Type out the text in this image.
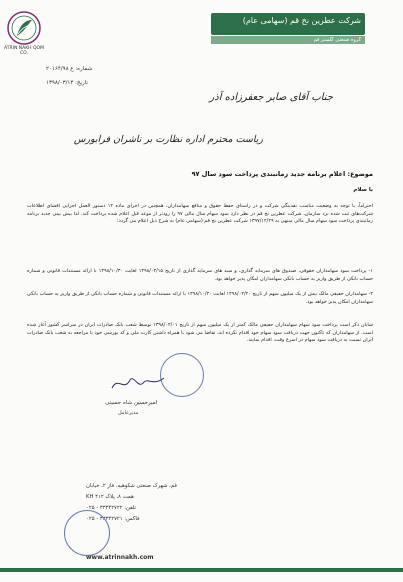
شرکت عطرین نخ قم (سهامی عام)
گروه صنعتی گلستر قم
ATRIN NAKH QOM CO.
شماره: ع ۲۰۱۶۴/۹۸
تاریخ: ۱۳۹۸/۰۳/۱۳
جناب آقای صابر جعفرزاده آذر
ریاست محترم اداره نظارت بر ناشران فرابورس
موضوع: اعلام برنامه جدید زمانبندی پرداخت سود سال ۹۷
با سلام
احتراماً، با توجه به وضعیت مناسب نقدینگی شرکت و در راستای حفظ حقوق و منافع سهامداران، همچنین در اجرای ماده ۱۲ دستور العمل اجرایی افشای اطلاعات شرکت‌های ثبت شده نزد سازمان، شرکت عطرین نخ قم در نظر دارد سود سهام سال مالی ۹۷ را زودتر از موعد قبل اعلام شده پرداخت کند. لذا بیش بینی جدید برنامه زمانبندی پرداخت سود سهام سال مالی منتهی به ۱۳۹۷/۱۲/۲۹ شرکت عطرین نخ قم (سهامی عام) به شرح ذیل اعلام می گردد:
۱- پرداخت سود سهامداران حقوقی، صندوق های سرمایه گذاری، و سبد های سرمایه گذاری از تاریخ ۱۳۹۸/۰۴/۱۵ لغایت ۱۳۹۸/۱۰/۳۰ با ارائه مستندات قانونی و شماره حساب بانکی از طریق واریز به حساب بانکی سهامداران امکان پذیر خواهد بود.
۲- سهامداران حقیقی مالک بیش از یک میلیون سهم از تاریخ ۱۳۹۸/۰۴/۲۰ لغایت ۱۳۹۸/۱۰/۳۰ با ارائه مستندات قانونی و شماره حساب بانکی از طریق واریز به حساب بانکی سهامداران امکان پذیر خواهد بود.
شایان ذکر است پرداخت سود سهام سهامداران حقیقی مالک کمتر از یک میلیون سهم از تاریخ ۱۳۹۸/۰۴/۰۱ توسط شعب بانک صادرات ایران در سراسر کشور آغاز شده است. از سهامداران که تاکنون جهت دریافت سود سهام خود اقدام نکرده اند، تقاضا می شود با همراه داشتن کارت ملی و کد بورسی خود با مراجعه به شعب بانک صادرات ایران نسبت به دریافت سود سهام در اسرع وقت، اقدام نمایند.
امیرحسین شاه حسینی
مدیرعامل
قم، شهرک صنعتی شکوهیه، فاز ۲، خیابان
همت ۸، پلاک ۴۱۲ KH
تلفن: ۳۳۳۴۲۷۲۲ - ۰۲۵
فاکس: ۳۳۳۴۲۷۲۱ - ۰۲۵
www.atrinnakh.com
